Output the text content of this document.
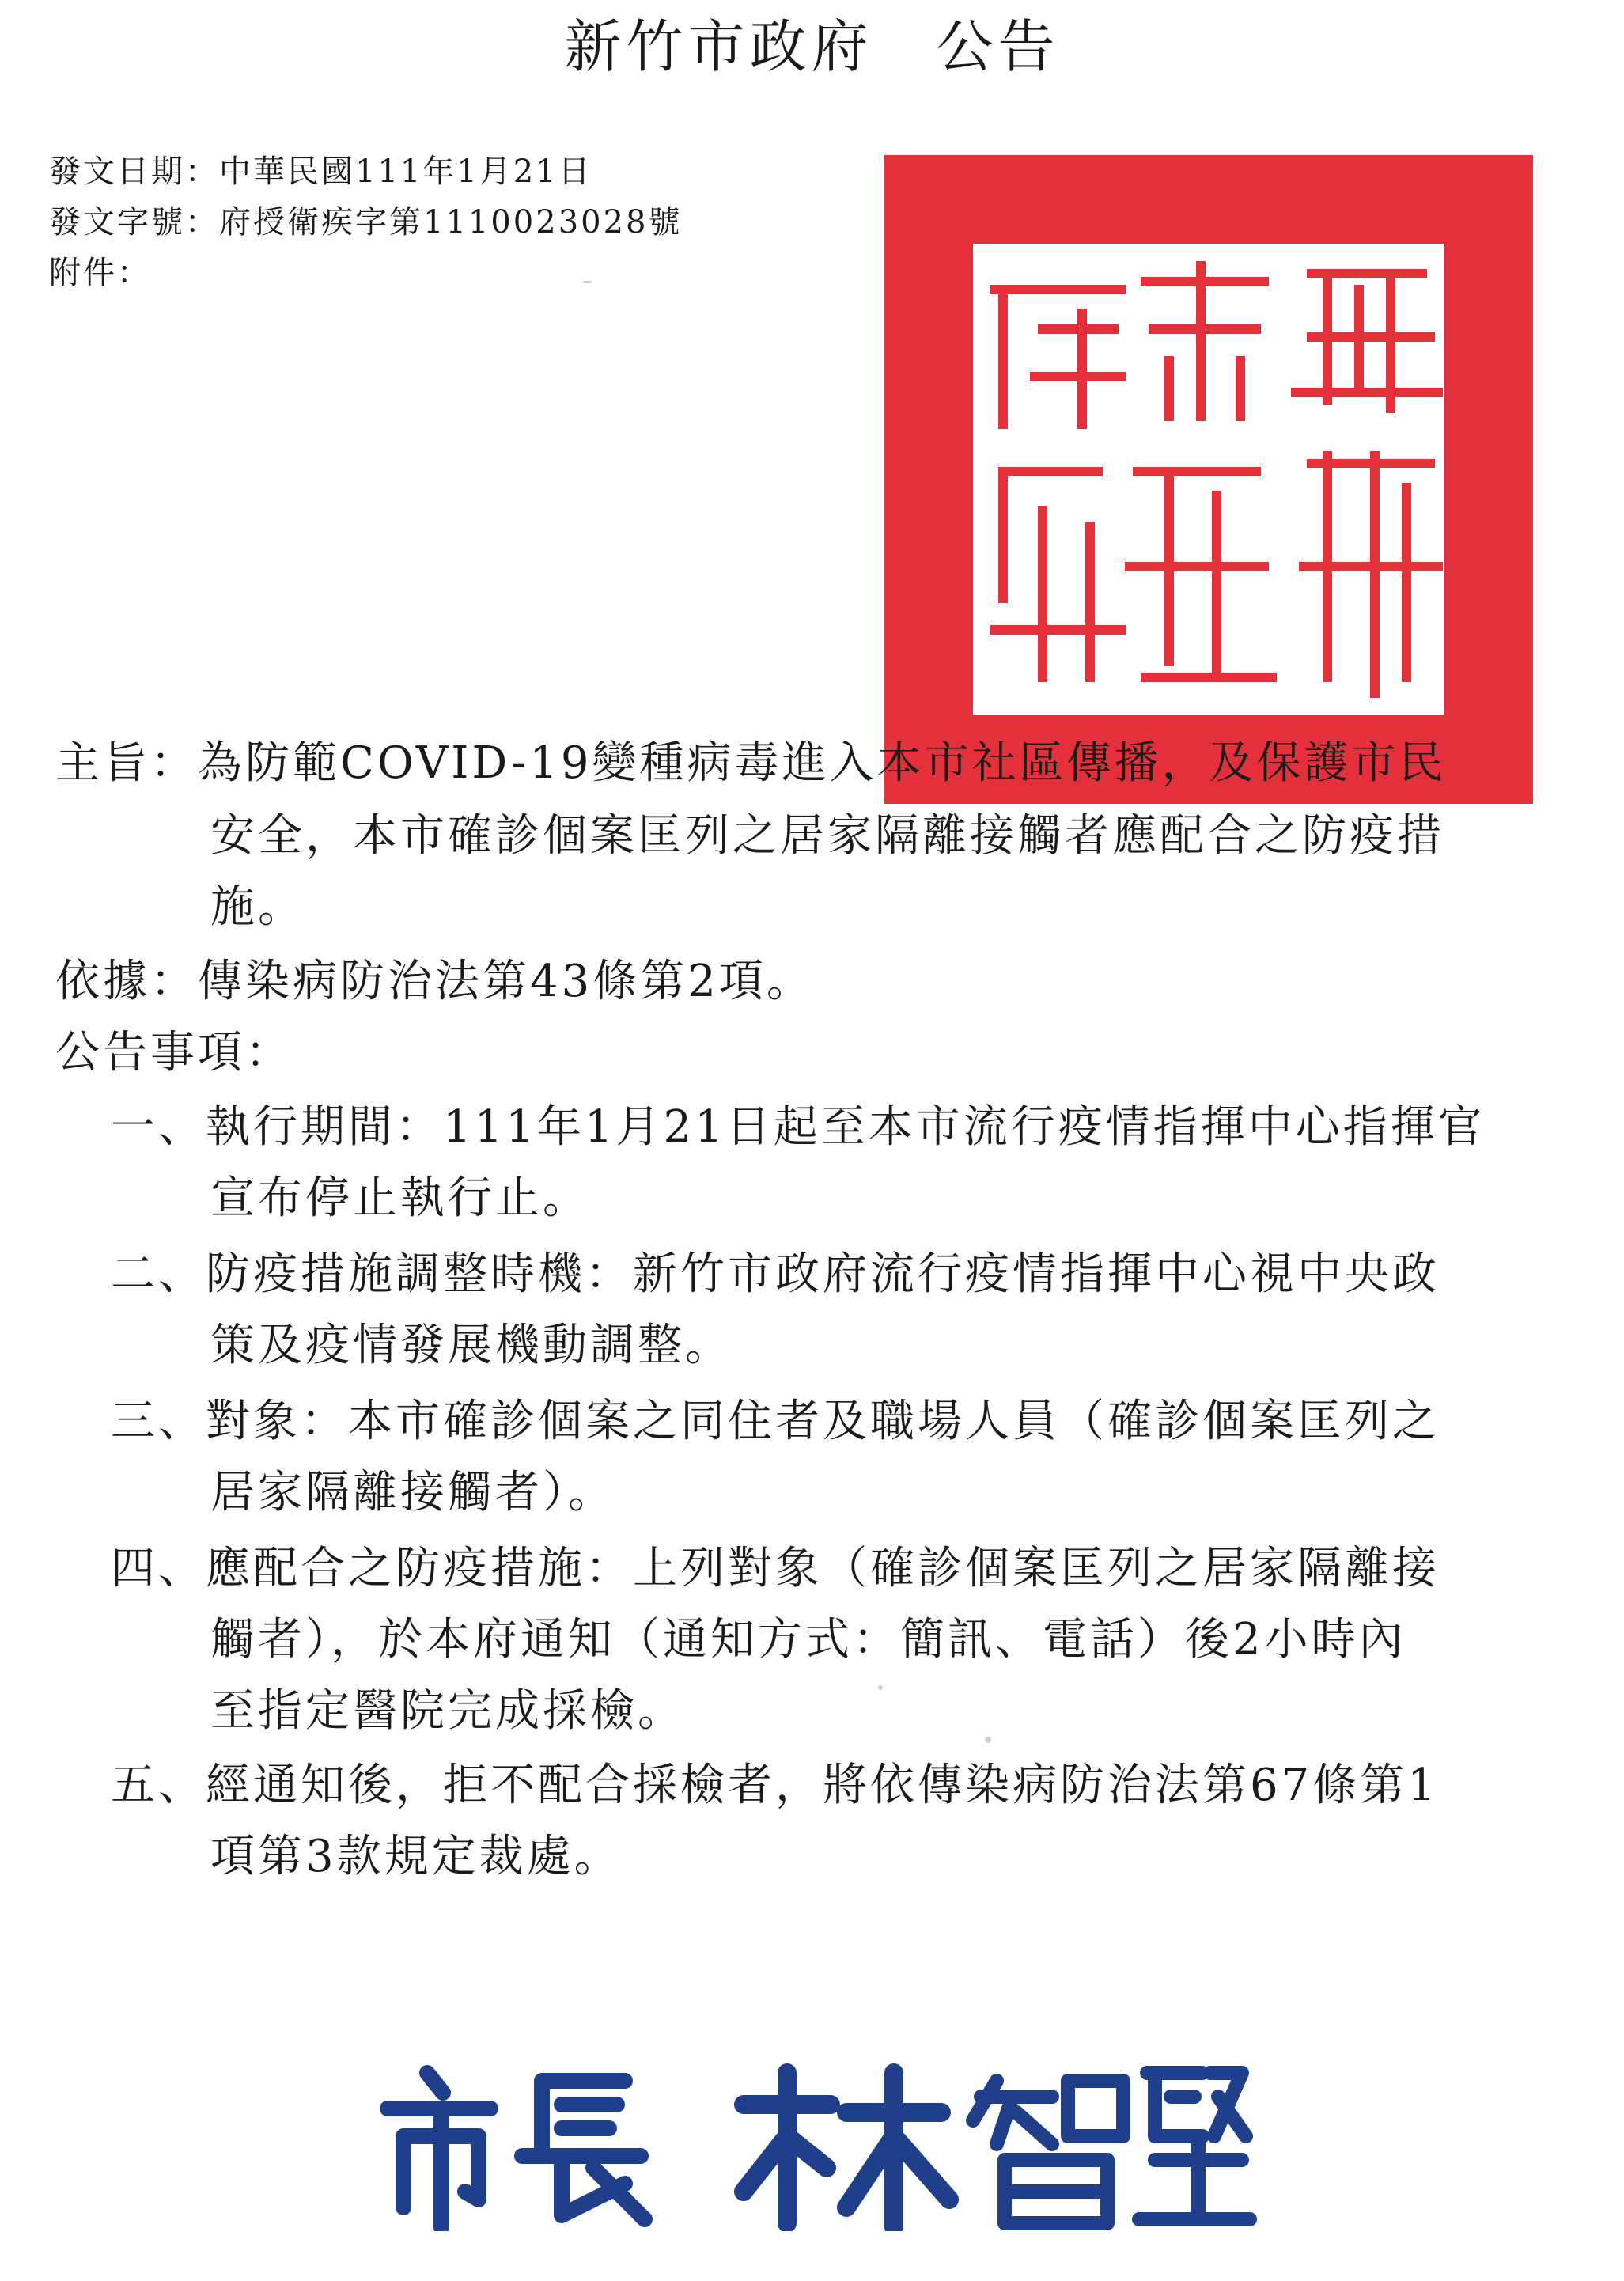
新竹市政府 公告
發文日期：中華民國111年1月21日
發文字號：府授衛疾字第1110023028號
附件：
主旨：為防範COVID-19變種病毒進入本市社區傳播，及保護市民
安全，本市確診個案匡列之居家隔離接觸者應配合之防疫措
施。
依據：傳染病防治法第43條第2項。
公告事項：
一、執行期間：111年1月21日起至本市流行疫情指揮中心指揮官
宣布停止執行止。
二、防疫措施調整時機：新竹市政府流行疫情指揮中心視中央政
策及疫情發展機動調整。
三、對象：本市確診個案之同住者及職場人員（確診個案匡列之
居家隔離接觸者）。
四、應配合之防疫措施：上列對象（確診個案匡列之居家隔離接
觸者），於本府通知（通知方式：簡訊、電話）後2小時內
至指定醫院完成採檢。
五、經通知後，拒不配合採檢者，將依傳染病防治法第67條第1
項第3款規定裁處。
